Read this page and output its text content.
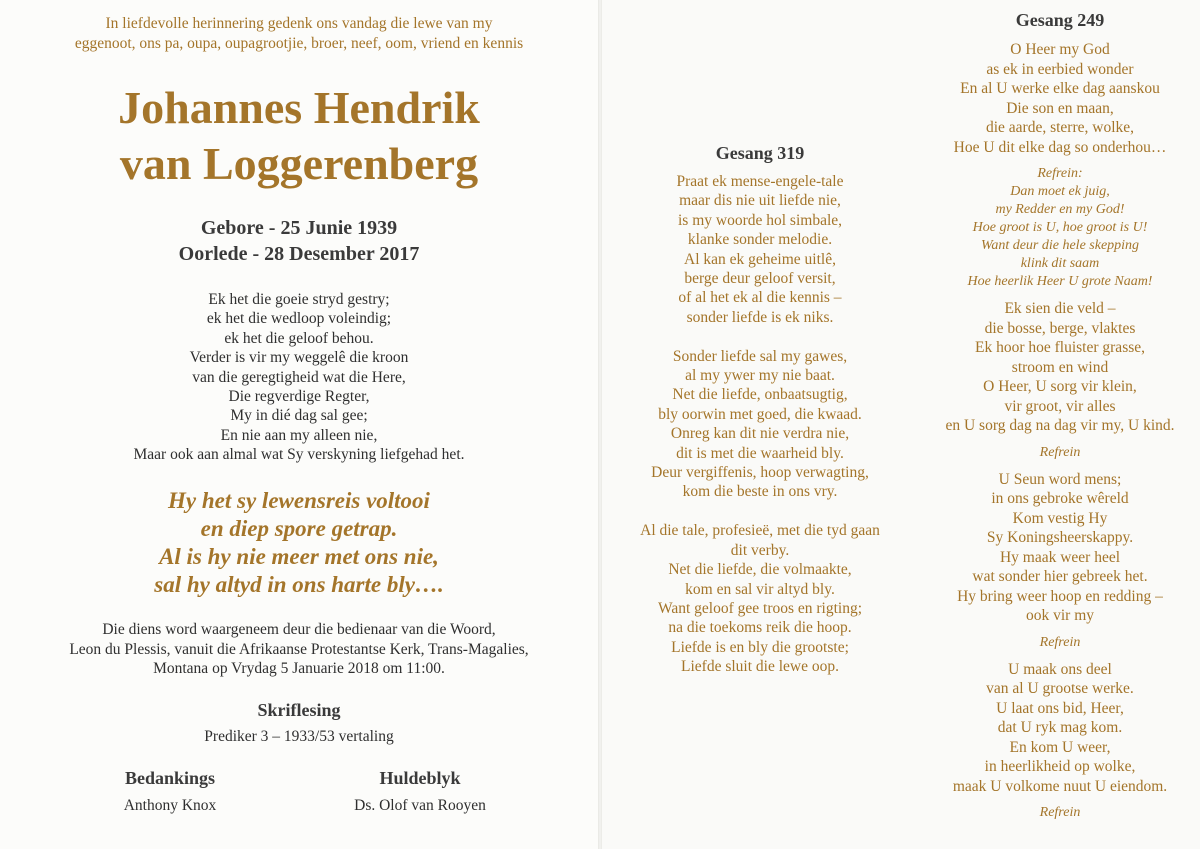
In liefdevolle herinnering gedenk ons vandag die lewe van my
eggenoot, ons pa, oupa, oupagrootjie, broer, neef, oom, vriend en kennis
Johannes Hendrik
van Loggerenberg
Gebore - 25 Junie 1939
Oorlede - 28 Desember 2017
Ek het die goeie stryd gestry;
ek het die wedloop voleindig;
ek het die geloof behou.
Verder is vir my weggelê die kroon
van die geregtigheid wat die Here,
Die regverdige Regter,
My in dié dag sal gee;
En nie aan my alleen nie,
Maar ook aan almal wat Sy verskyning liefgehad het.
Hy het sy lewensreis voltooi
en diep spore getrap.
Al is hy nie meer met ons nie,
sal hy altyd in ons harte bly….
Die diens word waargeneem deur die bedienaar van die Woord,
Leon du Plessis, vanuit die Afrikaanse Protestantse Kerk, Trans-Magalies,
Montana op Vrydag 5 Januarie 2018 om 11:00.
Skriflesing
Prediker 3 – 1933/53 vertaling
Bedankings
Anthony Knox
Huldeblyk
Ds. Olof van Rooyen
Gesang 319
Praat ek mense-engele-tale
maar dis nie uit liefde nie,
is my woorde hol simbale,
klanke sonder melodie.
Al kan ek geheime uitlê,
berge deur geloof versit,
of al het ek al die kennis –
sonder liefde is ek niks.
Sonder liefde sal my gawes,
al my ywer my nie baat.
Net die liefde, onbaatsugtig,
bly oorwin met goed, die kwaad.
Onreg kan dit nie verdra nie,
dit is met die waarheid bly.
Deur vergiffenis, hoop verwagting,
kom die beste in ons vry.
Al die tale, profesieë, met die tyd gaan
dit verby.
Net die liefde, die volmaakte,
kom en sal vir altyd bly.
Want geloof gee troos en rigting;
na die toekoms reik die hoop.
Liefde is en bly die grootste;
Liefde sluit die lewe oop.
Gesang 249
O Heer my God
as ek in eerbied wonder
En al U werke elke dag aanskou
Die son en maan,
die aarde, sterre, wolke,
Hoe U dit elke dag so onderhou…
Refrein:
Dan moet ek juig,
my Redder en my God!
Hoe groot is U, hoe groot is U!
Want deur die hele skepping
klink dit saam
Hoe heerlik Heer U grote Naam!
Ek sien die veld –
die bosse, berge, vlaktes
Ek hoor hoe fluister grasse,
stroom en wind
O Heer, U sorg vir klein,
vir groot, vir alles
en U sorg dag na dag vir my, U kind.
Refrein
U Seun word mens;
in ons gebroke wêreld
Kom vestig Hy
Sy Koningsheerskappy.
Hy maak weer heel
wat sonder hier gebreek het.
Hy bring weer hoop en redding –
ook vir my
Refrein
U maak ons deel
van al U grootse werke.
U laat ons bid, Heer,
dat U ryk mag kom.
En kom U weer,
in heerlikheid op wolke,
maak U volkome nuut U eiendom.
Refrein
